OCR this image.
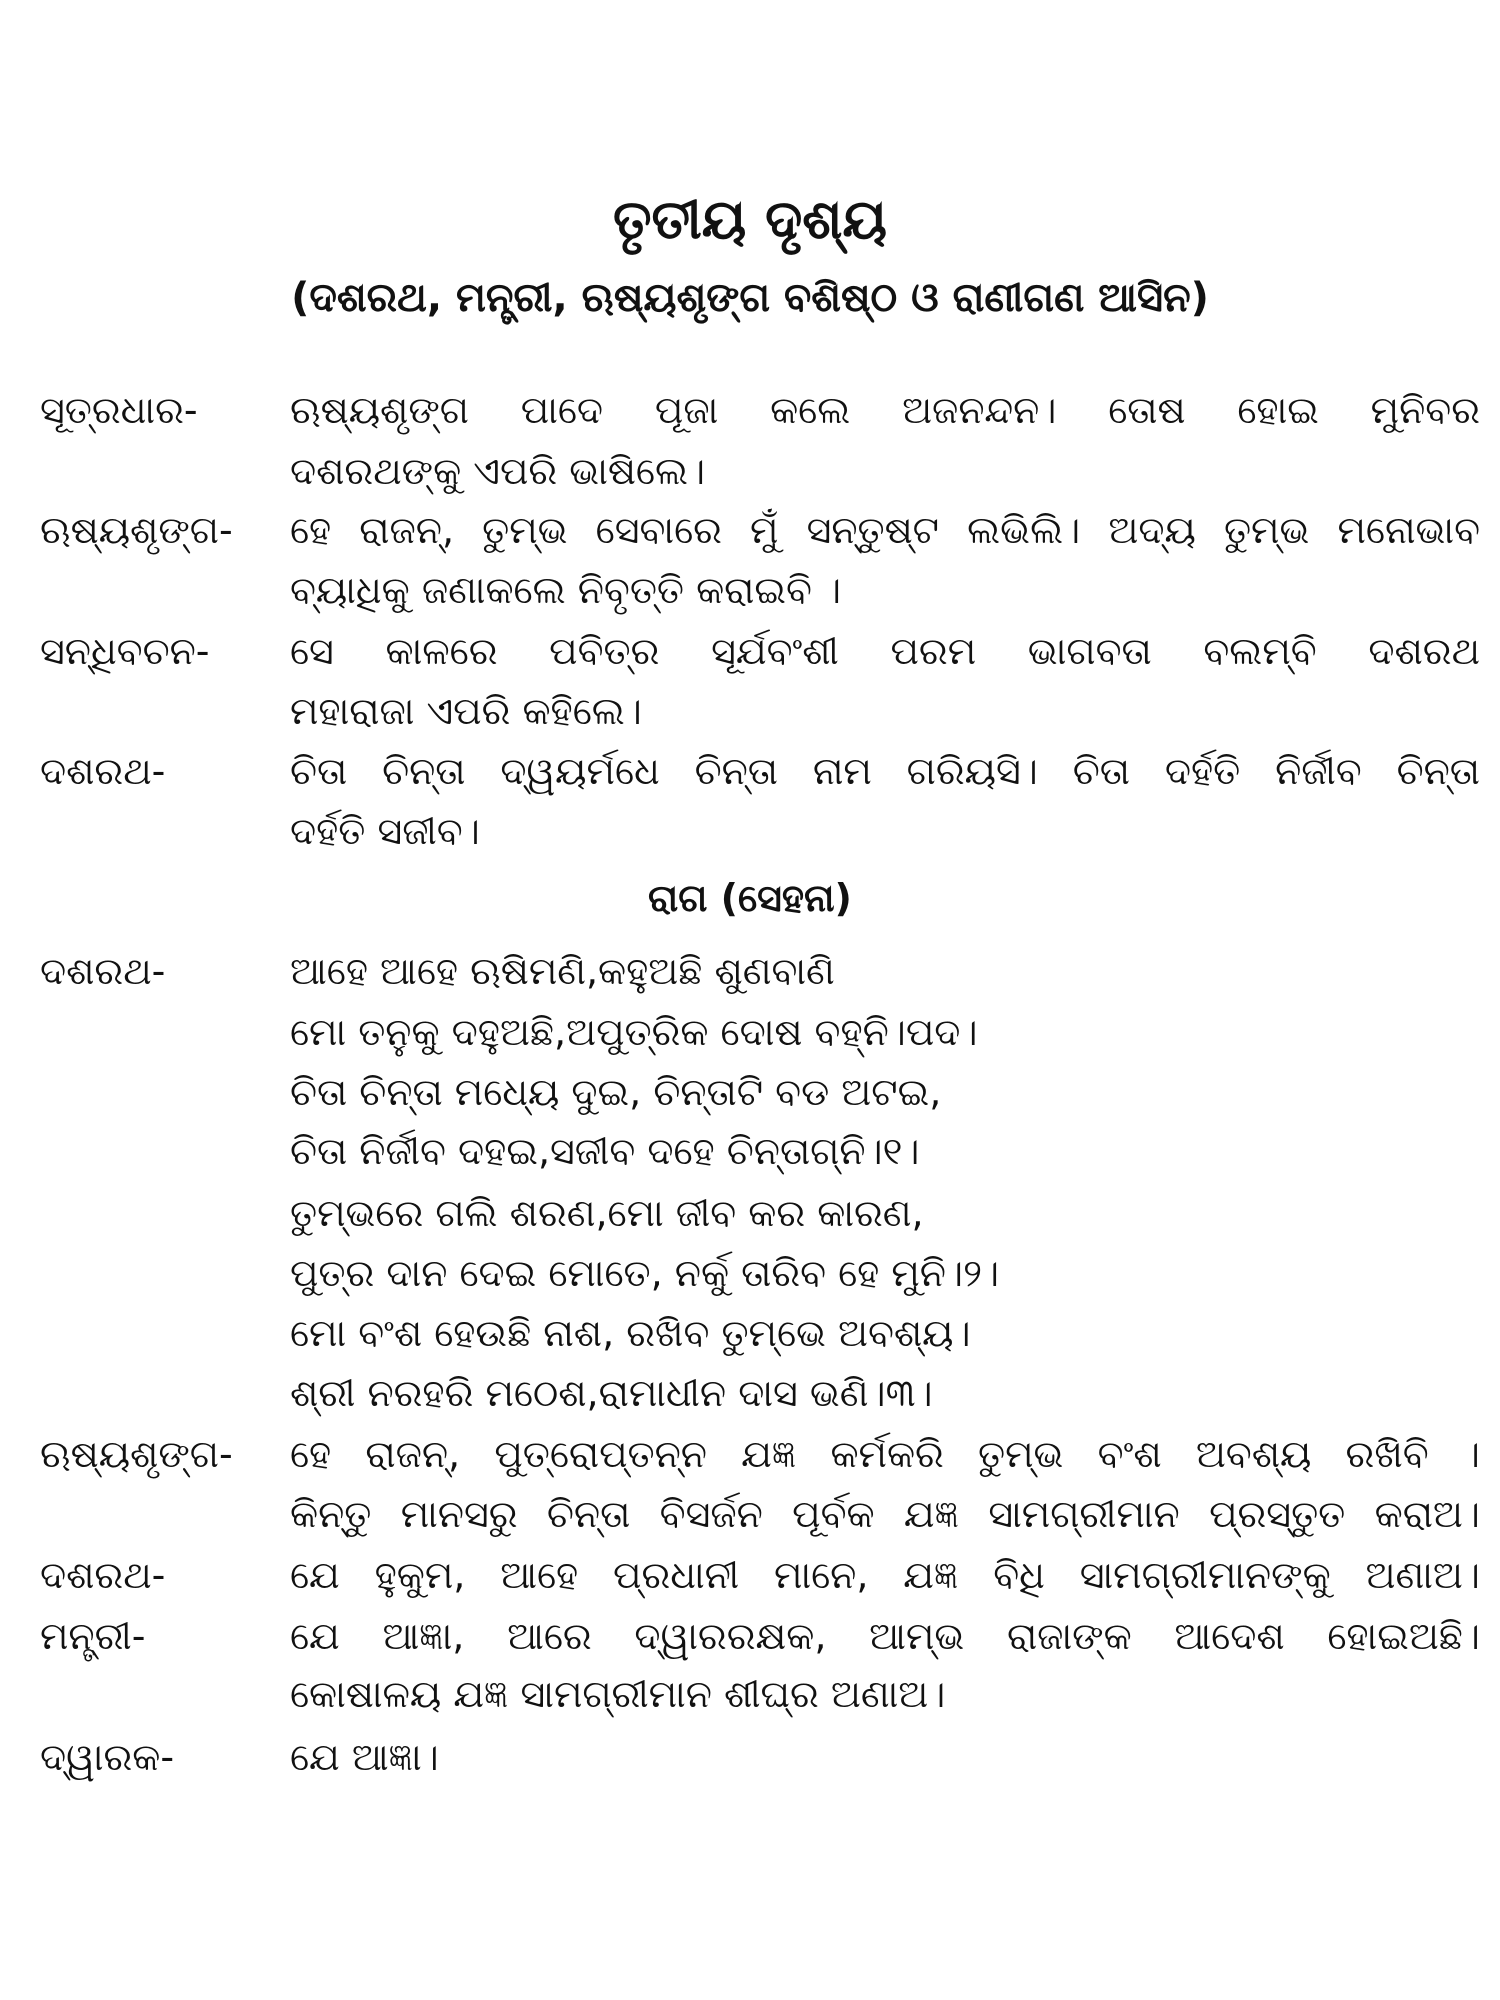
ତୃତୀୟ ଦୃଶ୍ୟ
(ଦଶରଥ, ମନ୍ତ୍ରୀ, ଋଷ୍ୟଶୃଙ୍ଗ ବଶିଷ୍ଠ ଓ ରାଣୀଗଣ ଆସିନ)
ସୂତ୍ରଧାର-	ଋଷ୍ୟଶୃଙ୍ଗ ପାଦେ ପୂଜା କଲେ ଅଜନନ୍ଦନ। ତୋଷ ହୋଇ ମୁନିବର
ଦଶରଥଙ୍କୁ ଏପରି ଭାଷିଲେ।
ଋଷ୍ୟଶୃଙ୍ଗ-	ହେ ରାଜନ୍, ତୁମ୍ଭ ସେବାରେ ମୁଁ ସନ୍ତୁଷ୍ଟ ଲଭିଲି। ଅଦ୍ୟ ତୁମ୍ଭ ମନୋଭାବ
ବ୍ୟାଧିକୁ ଜଣାକଲେ ନିବୃତ୍ତି କରାଇବି ।
ସନ୍ଧିବଚନ-	ସେ କାଳରେ ପବିତ୍ର ସୂର୍ଯବଂଶୀ ପରମ ଭାଗବତା ବଲମ୍ବି ଦଶରଥ
ମହାରାଜା ଏପରି କହିଲେ।
ଦଶରଥ-	ଚିତା ଚିନ୍ତା ଦ୍ୱୟର୍ମଧେ ଚିନ୍ତା ନାମ ଗରିୟସି। ଚିତା ଦର୍ହତି ନିର୍ଜୀବ ଚିନ୍ତା
ଦର୍ହତି ସଜୀବ।
ରାଗ (ସେହନା)
ଦଶରଥ-	ଆହେ ଆହେ ଋଷିମଣି,କହୁଅଛି ଶୁଣବାଣି
ମୋ ତନୁକୁ ଦହୁଅଛି,ଅପୁତ୍ରିକ ଦୋଷ ବହ୍ନି।ପଦ।
ଚିତା ଚିନ୍ତା ମଧ୍ୟେ ଦୁଇ, ଚିନ୍ତାଟି ବଡ ଅଟଇ,
ଚିତା ନିର୍ଜୀବ ଦହଇ,ସଜୀବ ଦହେ ଚିନ୍ତାଗ୍ନି।୧।
ତୁମ୍ଭରେ ଗଲି ଶରଣ,ମୋ ଜୀବ କର କାରଣ,
ପୁତ୍ର ଦାନ ଦେଇ ମୋତେ, ନର୍କୁ ତାରିବ ହେ ମୁନି।୨।
ମୋ ବଂଶ ହେଉଛି ନାଶ, ରଖିବ ତୁମ୍ଭେ ଅବଶ୍ୟ।
ଶ୍ରୀ ନରହରି ମଠେଶ,ରାମାଧୀନ ଦାସ ଭଣି।୩।
ଋଷ୍ୟଶୃଙ୍ଗ-	ହେ ରାଜନ୍, ପୁତ୍ରୋପ୍ତନ୍ନ ଯଜ୍ଞ କର୍ମକରି ତୁମ୍ଭ ବଂଶ ଅବଶ୍ୟ ରଖିବି ।
କିନ୍ତୁ ମାନସରୁ ଚିନ୍ତା ବିସର୍ଜନ ପୂର୍ବକ ଯଜ୍ଞ ସାମଗ୍ରୀମାନ ପ୍ରସ୍ତୁତ କରାଅ।
ଦଶରଥ-	ଯେ ହୁକୁମ, ଆହେ ପ୍ରଧାନୀ ମାନେ, ଯଜ୍ଞ ବିଧି ସାମଗ୍ରୀମାନଙ୍କୁ ଅଣାଅ।
ମନ୍ତ୍ରୀ-	ଯେ ଆଜ୍ଞା, ଆରେ ଦ୍ୱାରରକ୍ଷକ, ଆମ୍ଭ ରାଜାଙ୍କ ଆଦେଶ ହୋଇଅଛି।
କୋଷାଳୟ ଯଜ୍ଞ ସାମଗ୍ରୀମାନ ଶୀଘ୍ର ଅଣାଅ।
ଦ୍ୱାରକ-	ଯେ ଆଜ୍ଞା।
